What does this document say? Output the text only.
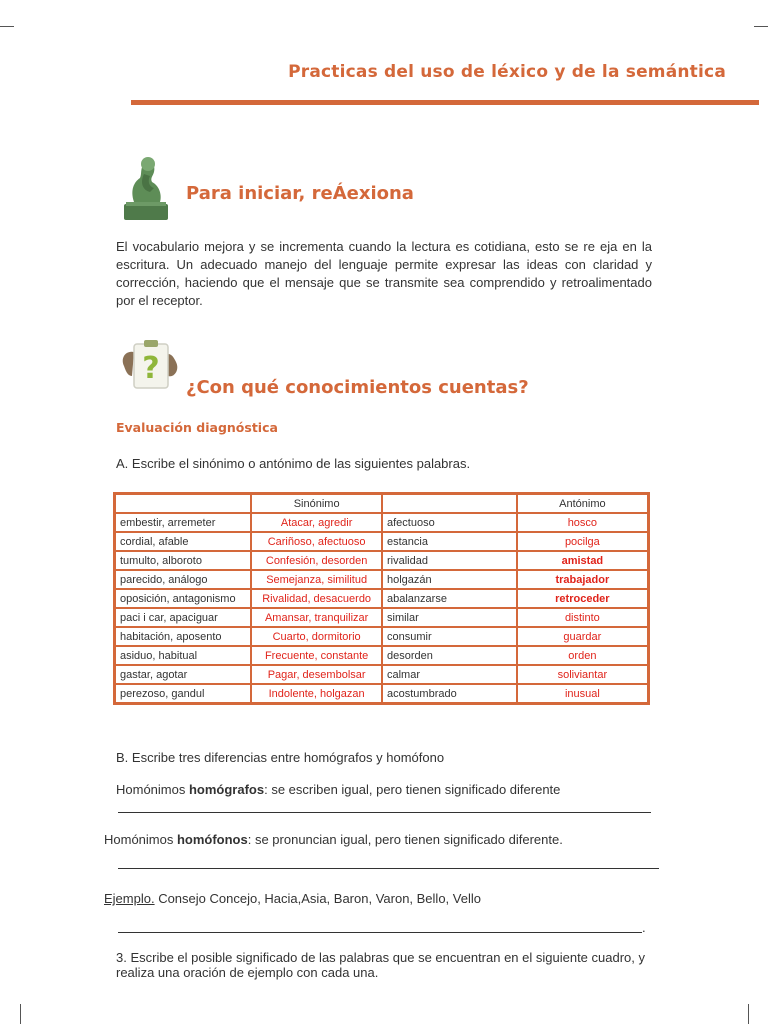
Practicas del uso de léxico y de la semántica
Para iniciar, reÁexiona
El vocabulario mejora y se incrementa cuando la lectura es cotidiana, esto se re eja en la escritura. Un adecuado manejo del lenguaje permite expresar las ideas con claridad y corrección, haciendo que el mensaje que se transmite sea comprendido y retroalimentado por el receptor.
?
¿Con qué conocimientos cuentas?
Evaluación diagnóstica
A. Escribe el sinónimo o antónimo de las siguientes palabras.
	Sinónimo		Antónimo
embestir, arremeter	Atacar, agredir	afectuoso	hosco
cordial, afable	Cariñoso, afectuoso	estancia	pocilga
tumulto, alboroto	Confesión, desorden	rivalidad	amistad
parecido, análogo	Semejanza, similitud	holgazán	trabajador
oposición, antagonismo	Rivalidad, desacuerdo	abalanzarse	retroceder
paci i car, apaciguar	Amansar, tranquilizar	similar	distinto
habitación, aposento	Cuarto, dormitorio	consumir	guardar
asiduo, habitual	Frecuente, constante	desorden	orden
gastar, agotar	Pagar, desembolsar	calmar	soliviantar
perezoso, gandul	Indolente, holgazan	acostumbrado	inusual
B. Escribe tres diferencias entre homógrafos y homófono
Homónimos homógrafos: se escriben igual, pero tienen significado diferente
Homónimos homófonos: se pronuncian igual, pero tienen significado diferente.
Ejemplo. Consejo Concejo, Hacia,Asia, Baron, Varon, Bello, Vello
.
3. Escribe el posible significado de las palabras que se encuentran en el siguiente cuadro, y realiza una oración de ejemplo con cada una.
